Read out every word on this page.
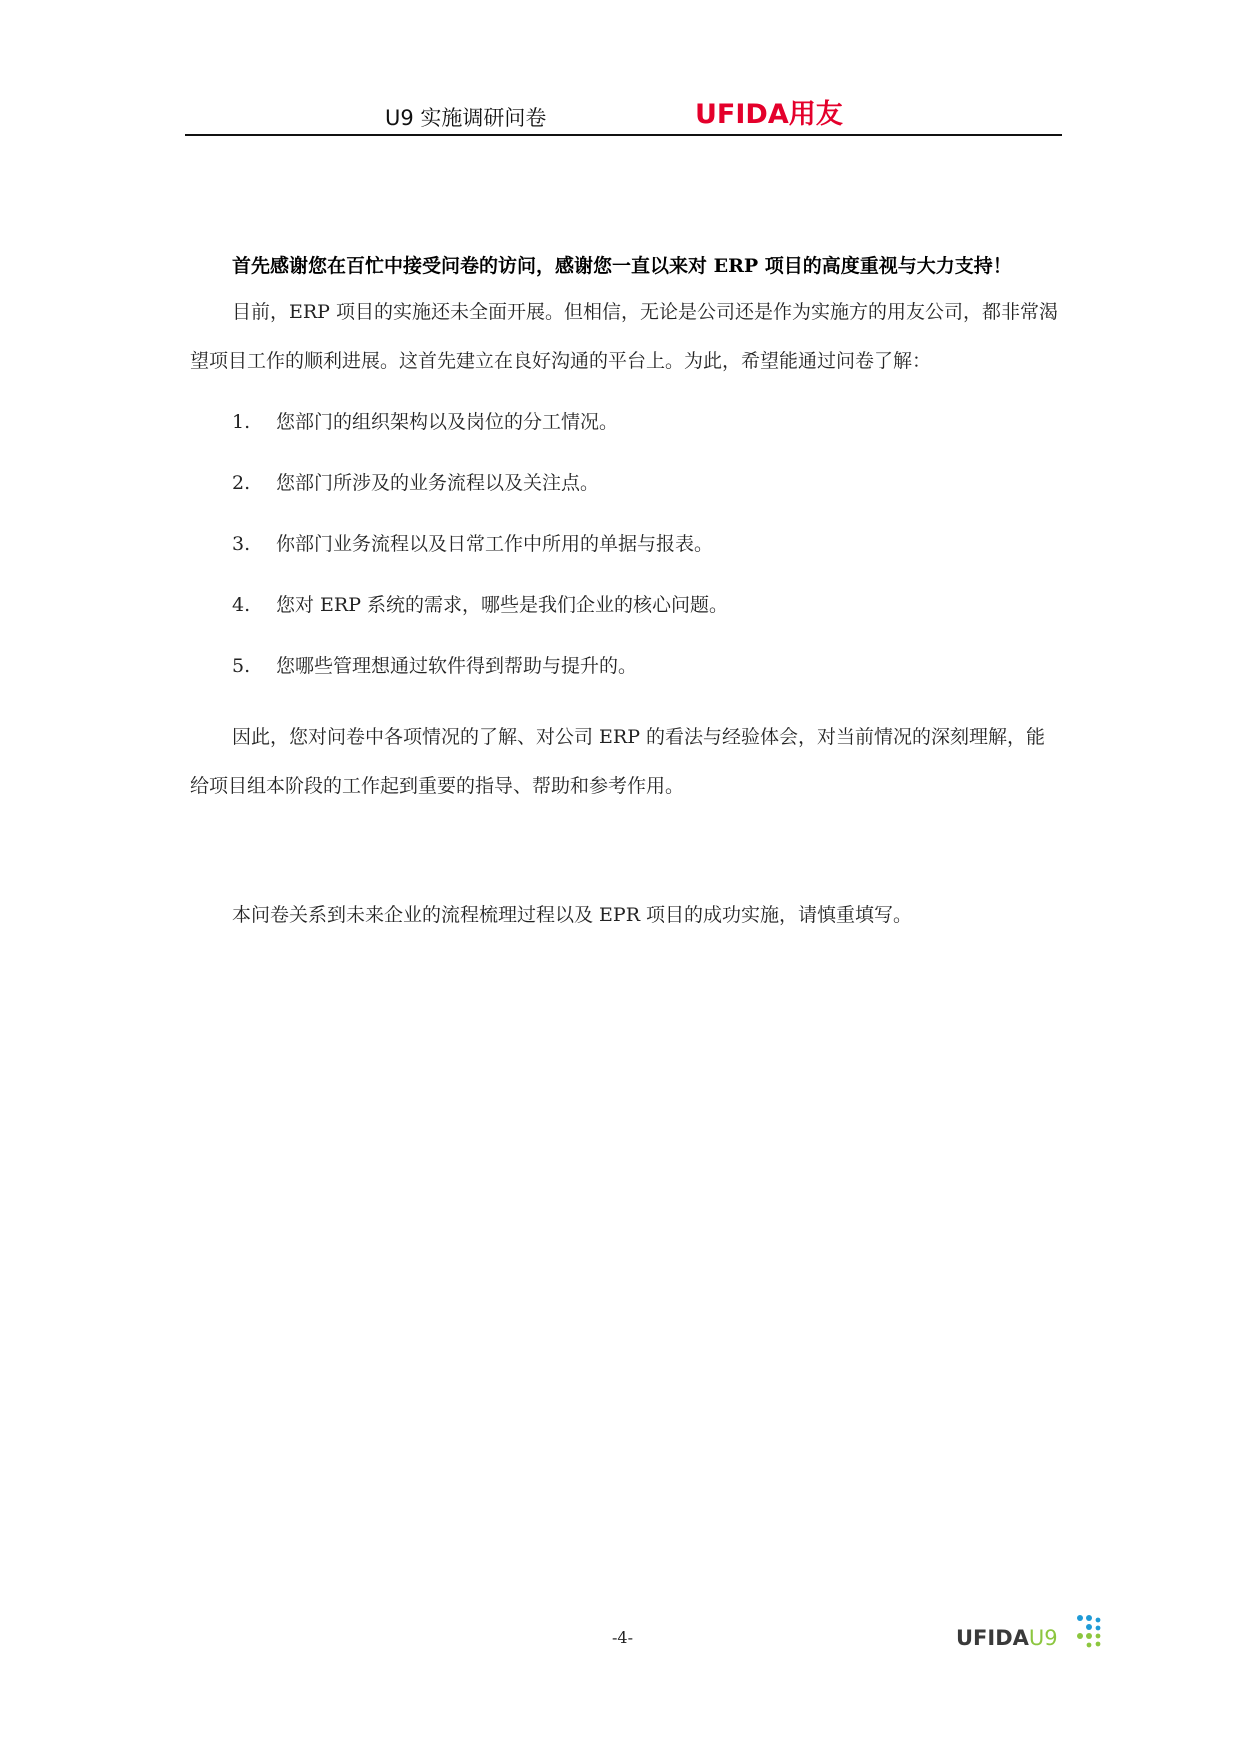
U9 实施调研问卷	UFIDA用友

首先感谢您在百忙中接受问卷的访问，感谢您一直以来对 ERP 项目的高度重视与大力支持！

目前，ERP 项目的实施还未全面开展。但相信，无论是公司还是作为实施方的用友公司，都非常渴望项目工作的顺利进展。这首先建立在良好沟通的平台上。为此，希望能通过问卷了解：

1. 您部门的组织架构以及岗位的分工情况。
2. 您部门所涉及的业务流程以及关注点。
3. 你部门业务流程以及日常工作中所用的单据与报表。
4. 您对 ERP 系统的需求，哪些是我们企业的核心问题。
5. 您哪些管理想通过软件得到帮助与提升的。

因此，您对问卷中各项情况的了解、对公司 ERP 的看法与经验体会，对当前情况的深刻理解，能给项目组本阶段的工作起到重要的指导、帮助和参考作用。

本问卷关系到未来企业的流程梳理过程以及 EPR 项目的成功实施，请慎重填写。

-4-	UFIDAU9
